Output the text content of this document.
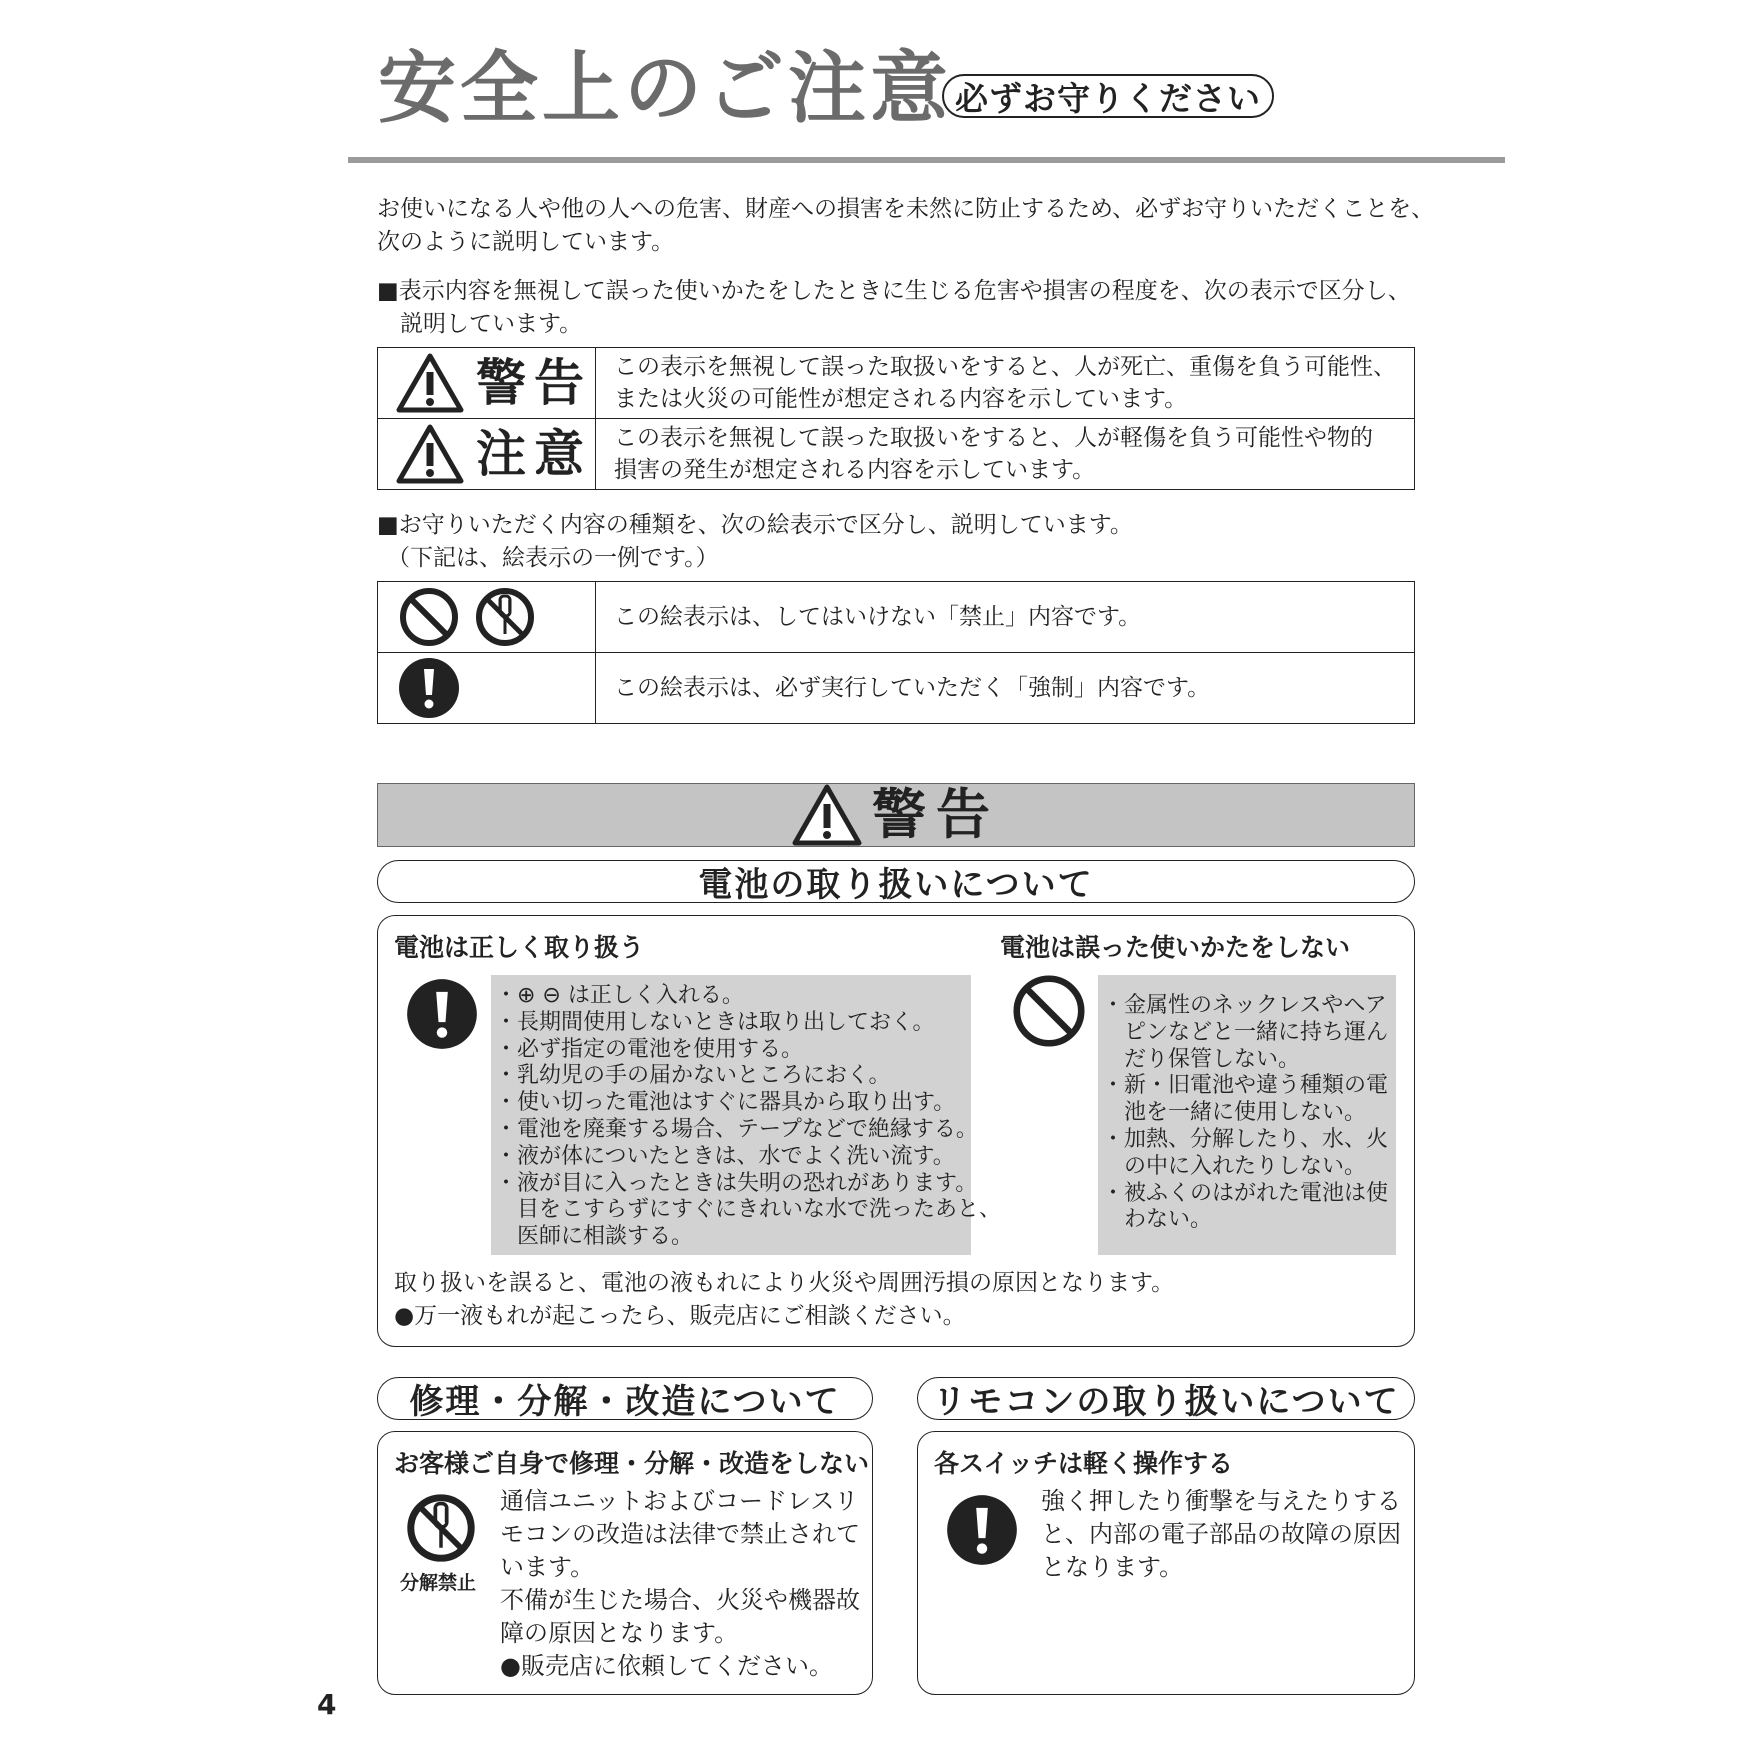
安全上のご注意 必ずお守りください
お使いになる人や他の人への危害、財産への損害を未然に防止するため、必ずお守りいただくことを、
次のように説明しています。
■表示内容を無視して誤った使いかたをしたときに生じる危害や損害の程度を、次の表示で区分し、
説明しています。
警告 この表示を無視して誤った取扱いをすると、人が死亡、重傷を負う可能性、
または火災の可能性が想定される内容を示しています。
注意 この表示を無視して誤った取扱いをすると、人が軽傷を負う可能性や物的
損害の発生が想定される内容を示しています。
■お守りいただく内容の種類を、次の絵表示で区分し、説明しています。
（下記は、絵表示の一例です。）
この絵表示は、してはいけない「禁止」内容です。
この絵表示は、必ず実行していただく「強制」内容です。
警告
電池の取り扱いについて
電池は正しく取り扱う
・⊕ ⊖ は正しく入れる。
・長期間使用しないときは取り出しておく。
・必ず指定の電池を使用する。
・乳幼児の手の届かないところにおく。
・使い切った電池はすぐに器具から取り出す。
・電池を廃棄する場合、テープなどで絶縁する。
・液が体についたときは、水でよく洗い流す。
・液が目に入ったときは失明の恐れがあります。
目をこすらずにすぐにきれいな水で洗ったあと、
医師に相談する。
電池は誤った使いかたをしない
・金属性のネックレスやヘア
ピンなどと一緒に持ち運ん
だり保管しない。
・新・旧電池や違う種類の電
池を一緒に使用しない。
・加熱、分解したり、水、火
の中に入れたりしない。
・被ふくのはがれた電池は使
わない。
取り扱いを誤ると、電池の液もれにより火災や周囲汚損の原因となります。
●万一液もれが起こったら、販売店にご相談ください。
修理・分解・改造について
お客様ご自身で修理・分解・改造をしない
分解禁止
通信ユニットおよびコードレスリ
モコンの改造は法律で禁止されて
います。
不備が生じた場合、火災や機器故
障の原因となります。
●販売店に依頼してください。
リモコンの取り扱いについて
各スイッチは軽く操作する
強く押したり衝撃を与えたりする
と、内部の電子部品の故障の原因
となります。
4
